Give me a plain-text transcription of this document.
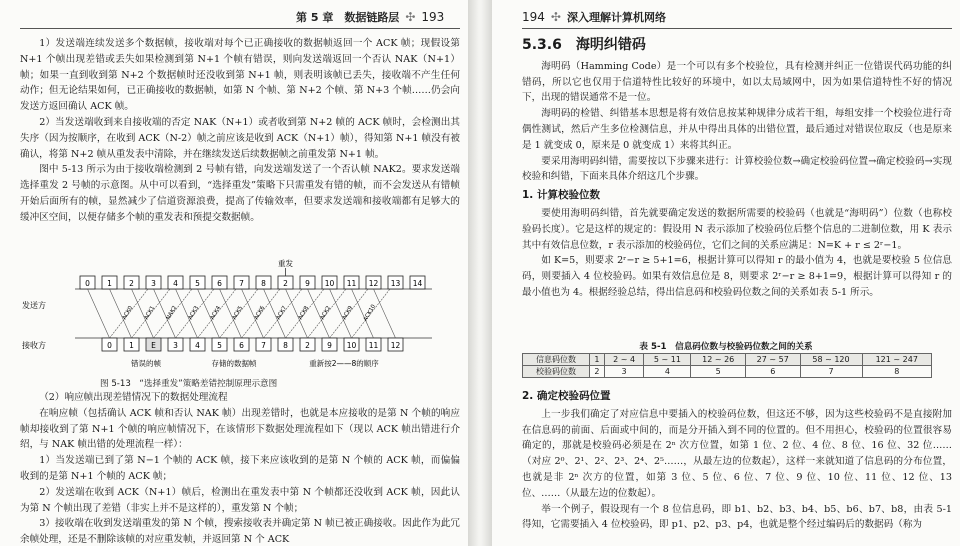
第 5 章　数据链路层 ✣ 193

1）发送端连续发送多个数据帧，接收端对每个已正确接收的数据帧返回一个 ACK 帧；现假设第 N+1 个帧出现差错或丢失如果检测到第 N+1 个帧有错误，则向发送端返回一个否认 NAK（N+1）帧；如果一直到收到第 N+2 个数据帧时还没收到第 N+1 帧，则表明该帧已丢失，接收端不产生任何动作；但无论结果如何，已正确接收的数据帧，如第 N 个帧、第 N+2 个帧、第 N+3 个帧……仍会向发送方返回确认 ACK 帧。

2）当发送端收到来自接收端的否定 NAK（N+1）或者收到第 N+2 帧的 ACK 帧时，会检测出其失序（因为按顺序，在收到 ACK（N-2）帧之前应该是收到 ACK（N+1）帧），得知第 N+1 帧没有被确认，将第 N+2 帧从重发表中清除，并在继续发送后续数据帧之前重发第 N+1 帧。

图中 5-13 所示为由于接收端检测到 2 号帧有错，向发送端发送了一个否认帧 NAK2。要求发送端选择重发 2 号帧的示意图。从中可以看到，“选择重发”策略下只需重发有错的帧，而不会发送从有错帧开始后面所有的帧，显然减少了信道资源浪费，提高了传输效率，但要求发送端和接收端都有足够大的缓冲区空间，以便存储多个帧的重发表和预提交数据帧。

发送方
接收方
0 1 2 3 4 5 6 7 8 2 9 10 11 12 13 14
0 1 E 3 4 5 6 7 8 2 9 10 11 12
ACK0 ACK1 NAK2 ACK3 ACK4 ACK5 ACK6 ACK7 ACK8 ACK2 ACK9 ACK10
重发
错误的帧	存储的数据帧	重新按2——8的顺序
图 5-13　“选择重发”策略差错控制原理示意图

（2）响应帧出现差错情况下的数据处理流程

在响应帧（包括确认 ACK 帧和否认 NAK 帧）出现差错时，也就是本应接收的是第 N 个帧的响应帧却接收到了第 N+1 个帧的响应帧情况下，在该情形下数据处理流程如下（现以 ACK 帧出错进行介绍，与 NAK 帧出错的处理流程一样）：

1）当发送端已到了第 N−1 个帧的 ACK 帧，接下来应该收到的是第 N 个帧的 ACK 帧，而偏偏收到的是第 N+1 个帧的 ACK 帧；

2）发送端在收到 ACK（N+1）帧后，检测出在重发表中第 N 个帧都还没收到 ACK 帧，因此认为第 N 个帧出现了差错（非实上并不是这样的），重发第 N 个帧；

3）接收端在收到发送端重发的第 N 个帧，搜索接收表并确定第 N 帧已被正确接收。因此作为此冗余帧处理，还是不删除该帧的对应重发帧，并返回第 N 个 ACK

194 ✣ 深入理解计算机网络
5.3.6　海明纠错码

海明码（Hamming Code）是一个可以有多个校验位，具有检测并纠正一位错误代码功能的纠错码，所以它也仅用于信道特性比较好的环境中，如以太局域网中，因为如果信道特性不好的情况下，出现的错误通常不是一位。

海明码的检错、纠错基本思想是将有效信息按某种规律分成若干组，每组安排一个校验位进行奇偶性测试，然后产生多位检测信息，并从中得出具体的出错位置，最后通过对错误位取反（也是原来是 1 就变成 0，原来是 0 就变成 1）来将其纠正。

要采用海明码纠错，需要按以下步骤来进行：计算校验位数→确定校验码位置→确定校验码→实现校验和纠错，下面来具体介绍这几个步骤。

1. 计算校验位数

要使用海明码纠错，首先就要确定发送的数据所需要的校验码（也就是“海明码”）位数（也称校验码长度）。它是这样的规定的：假设用 N 表示添加了校验码位后整个信息的二进制位数，用 K 表示其中有效信息位数，r 表示添加的校验码位，它们之间的关系应满足：N=K + r ≤ 2ʳ−1。

如 K=5，则要求 2ʳ−r ≥ 5+1=6，根据计算可以得知 r 的最小值为 4，也就是要校验 5 位信息码，则要插入 4 位校验码。如果有效信息位是 8，则要求 2ʳ−r ≥ 8+1=9，根据计算可以得知 r 的最小值也为 4。根据经验总结，得出信息码和校验码位数之间的关系如表 5-1 所示。

表 5-1　信息码位数与校验码位数之间的关系
信息码位数	1	2 ~ 4	5 ~ 11	12 ~ 26	27 ~ 57	58 ~ 120	121 ~ 247
校验码位数	2	3	4	5	6	7	8
2. 确定校验码位置

上一步我们确定了对应信息中要插入的校验码位数，但这还不够，因为这些校验码不是直接附加在信息码的前面、后面或中间的，而是分开插入到不同的位置的。但不用担心，校验码的位置很容易确定的，那就是校验码必须是在 2ⁿ 次方位置，如第 1 位、2 位、4 位、8 位、16 位、32 位……（对应 2⁰、2¹、2²、2³、2⁴、2⁵……，从最左边的位数起），这样一来就知道了信息码的分布位置，也就是非 2ⁿ 次方的位置，如第 3 位、5 位、6 位、7 位、9 位、10 位、11 位、12 位、13 位、……（从最左边的位数起）。

举一个例子，假设现有一个 8 位信息码，即 b1、b2、b3、b4、b5、b6、b7、b8，由表 5-1 得知，它需要插入 4 位校验码，即 p1、p2、p3、p4，也就是整个经过编码后的数据码（称为
